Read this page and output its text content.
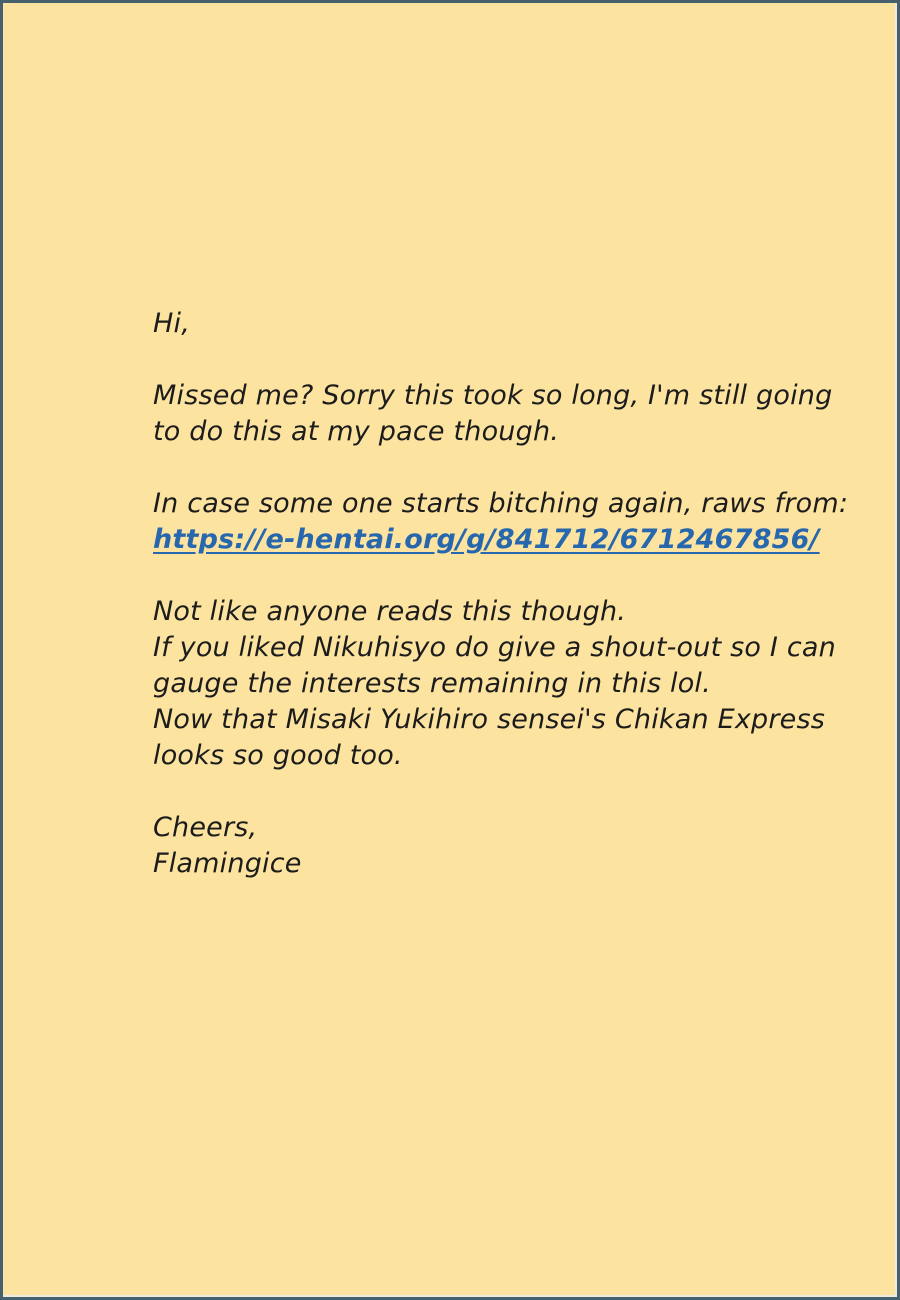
Hi,
Missed me? Sorry this took so long, I'm still going
to do this at my pace though.
In case some one starts bitching again, raws from:
https://e-hentai.org/g/841712/6712467856/
Not like anyone reads this though.
If you liked Nikuhisyo do give a shout-out so I can
gauge the interests remaining in this lol.
Now that Misaki Yukihiro sensei's Chikan Express
looks so good too.
Cheers,
Flamingice
